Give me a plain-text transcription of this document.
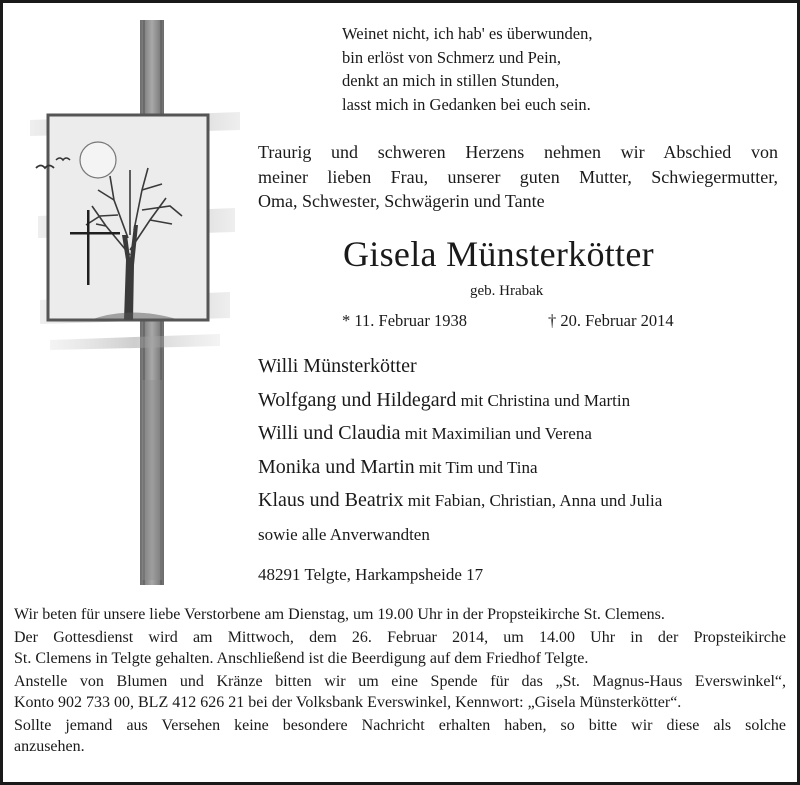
Weinet nicht, ich hab' es überwunden,
bin erlöst von Schmerz und Pein,
denkt an mich in stillen Stunden,
lasst mich in Gedanken bei euch sein.
Traurig und schweren Herzens nehmen wir Abschied von
meiner lieben Frau, unserer guten Mutter, Schwiegermutter,
Oma, Schwester, Schwägerin und Tante
Gisela Münsterkötter
geb. Hrabak
* 11. Februar 1938	† 20. Februar 2014
Willi Münsterkötter
Wolfgang und Hildegard mit Christina und Martin
Willi und Claudia mit Maximilian und Verena
Monika und Martin mit Tim und Tina
Klaus und Beatrix mit Fabian, Christian, Anna und Julia
sowie alle Anverwandten
48291 Telgte, Harkampsheide 17

Wir beten für unsere liebe Verstorbene am Dienstag, um 19.00 Uhr in der Propsteikirche St. Clemens.

Der Gottesdienst wird am Mittwoch, dem 26. Februar 2014, um 14.00 Uhr in der Propsteikirche
St. Clemens in Telgte gehalten. Anschließend ist die Beerdigung auf dem Friedhof Telgte.

Anstelle von Blumen und Kränze bitten wir um eine Spende für das „St. Magnus-Haus Everswinkel“,
Konto 902 733 00, BLZ 412 626 21 bei der Volksbank Everswinkel, Kennwort: „Gisela Münsterkötter“.

Sollte jemand aus Versehen keine besondere Nachricht erhalten haben, so bitte wir diese als solche
anzusehen.
